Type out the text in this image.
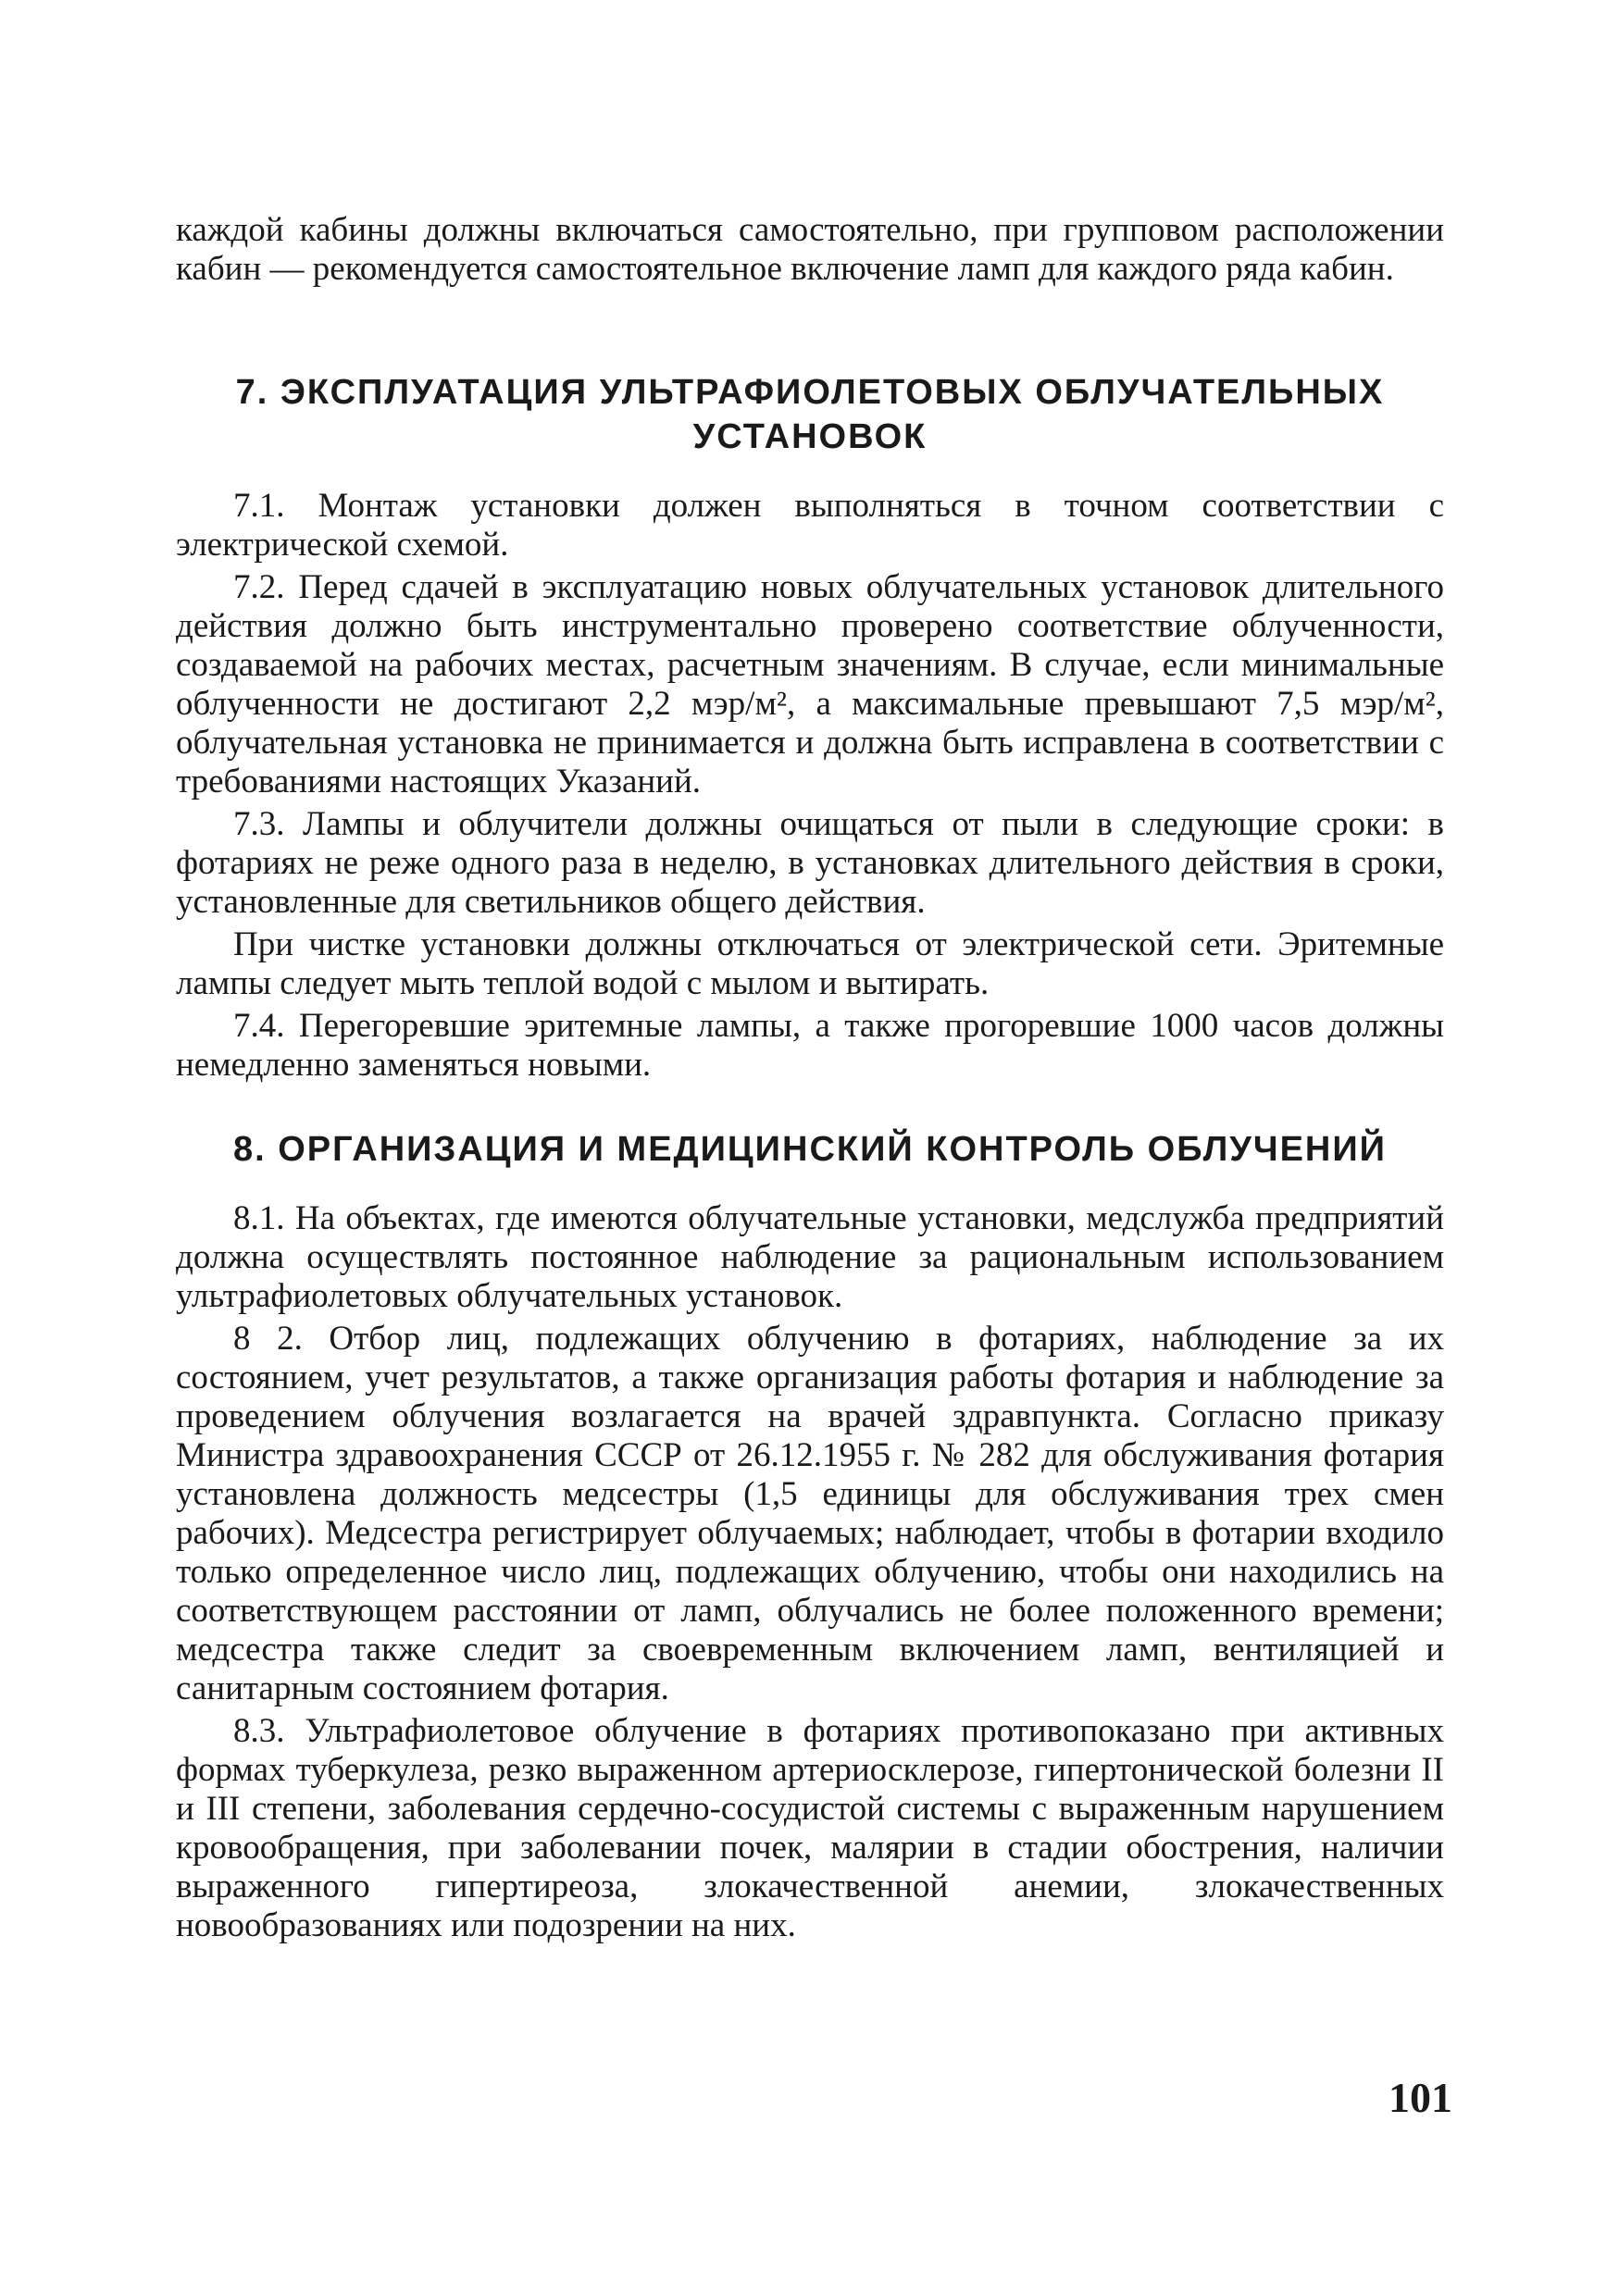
каждой кабины должны включаться самостоятельно, при групповом расположении кабин — рекомендуется самостоятельное включение ламп для каждого ряда кабин.

7. ЭКСПЛУАТАЦИЯ УЛЬТРАФИОЛЕТОВЫХ ОБЛУЧАТЕЛЬНЫХ УСТАНОВОК

7.1. Монтаж установки должен выполняться в точном соответствии с электрической схемой.

7.2. Перед сдачей в эксплуатацию новых облучательных установок длительного действия должно быть инструментально проверено соответствие облученности, создаваемой на рабочих местах, расчетным значениям. В случае, если минимальные облученности не достигают 2,2 мэр/м², а максимальные превышают 7,5 мэр/м², облучательная установка не принимается и должна быть исправлена в соответствии с требованиями настоящих Указаний.

7.3. Лампы и облучители должны очищаться от пыли в следующие сроки: в фотариях не реже одного раза в неделю, в установках длительного действия в сроки, установленные для светильников общего действия.

При чистке установки должны отключаться от электрической сети. Эритемные лампы следует мыть теплой водой с мылом и вытирать.

7.4. Перегоревшие эритемные лампы, а также прогоревшие 1000 часов должны немедленно заменяться новыми.

8. ОРГАНИЗАЦИЯ И МЕДИЦИНСКИЙ КОНТРОЛЬ ОБЛУЧЕНИЙ

8.1. На объектах, где имеются облучательные установки, медслужба предприятий должна осуществлять постоянное наблюдение за рациональным использованием ультрафиолетовых облучательных установок.

8 2. Отбор лиц, подлежащих облучению в фотариях, наблюдение за их состоянием, учет результатов, а также организация работы фотария и наблюдение за проведением облучения возлагается на врачей здравпункта. Согласно приказу Министра здравоохранения СССР от 26.12.1955 г. № 282 для обслуживания фотария установлена должность медсестры (1,5 единицы для обслуживания трех смен рабочих). Медсестра регистрирует облучаемых; наблюдает, чтобы в фотарии входило только определенное число лиц, подлежащих облучению, чтобы они находились на соответствующем расстоянии от ламп, облучались не более положенного времени; медсестра также следит за своевременным включением ламп, вентиляцией и санитарным состоянием фотария.

8.3. Ультрафиолетовое облучение в фотариях противопоказано при активных формах туберкулеза, резко выраженном артериосклерозе, гипертонической болезни II и III степени, заболевания сердечно-сосудистой системы с выраженным нарушением кровообращения, при заболевании почек, малярии в стадии обострения, наличии выраженного гипертиреоза, злокачественной анемии, злокачественных новообразованиях или подозрении на них.

101
